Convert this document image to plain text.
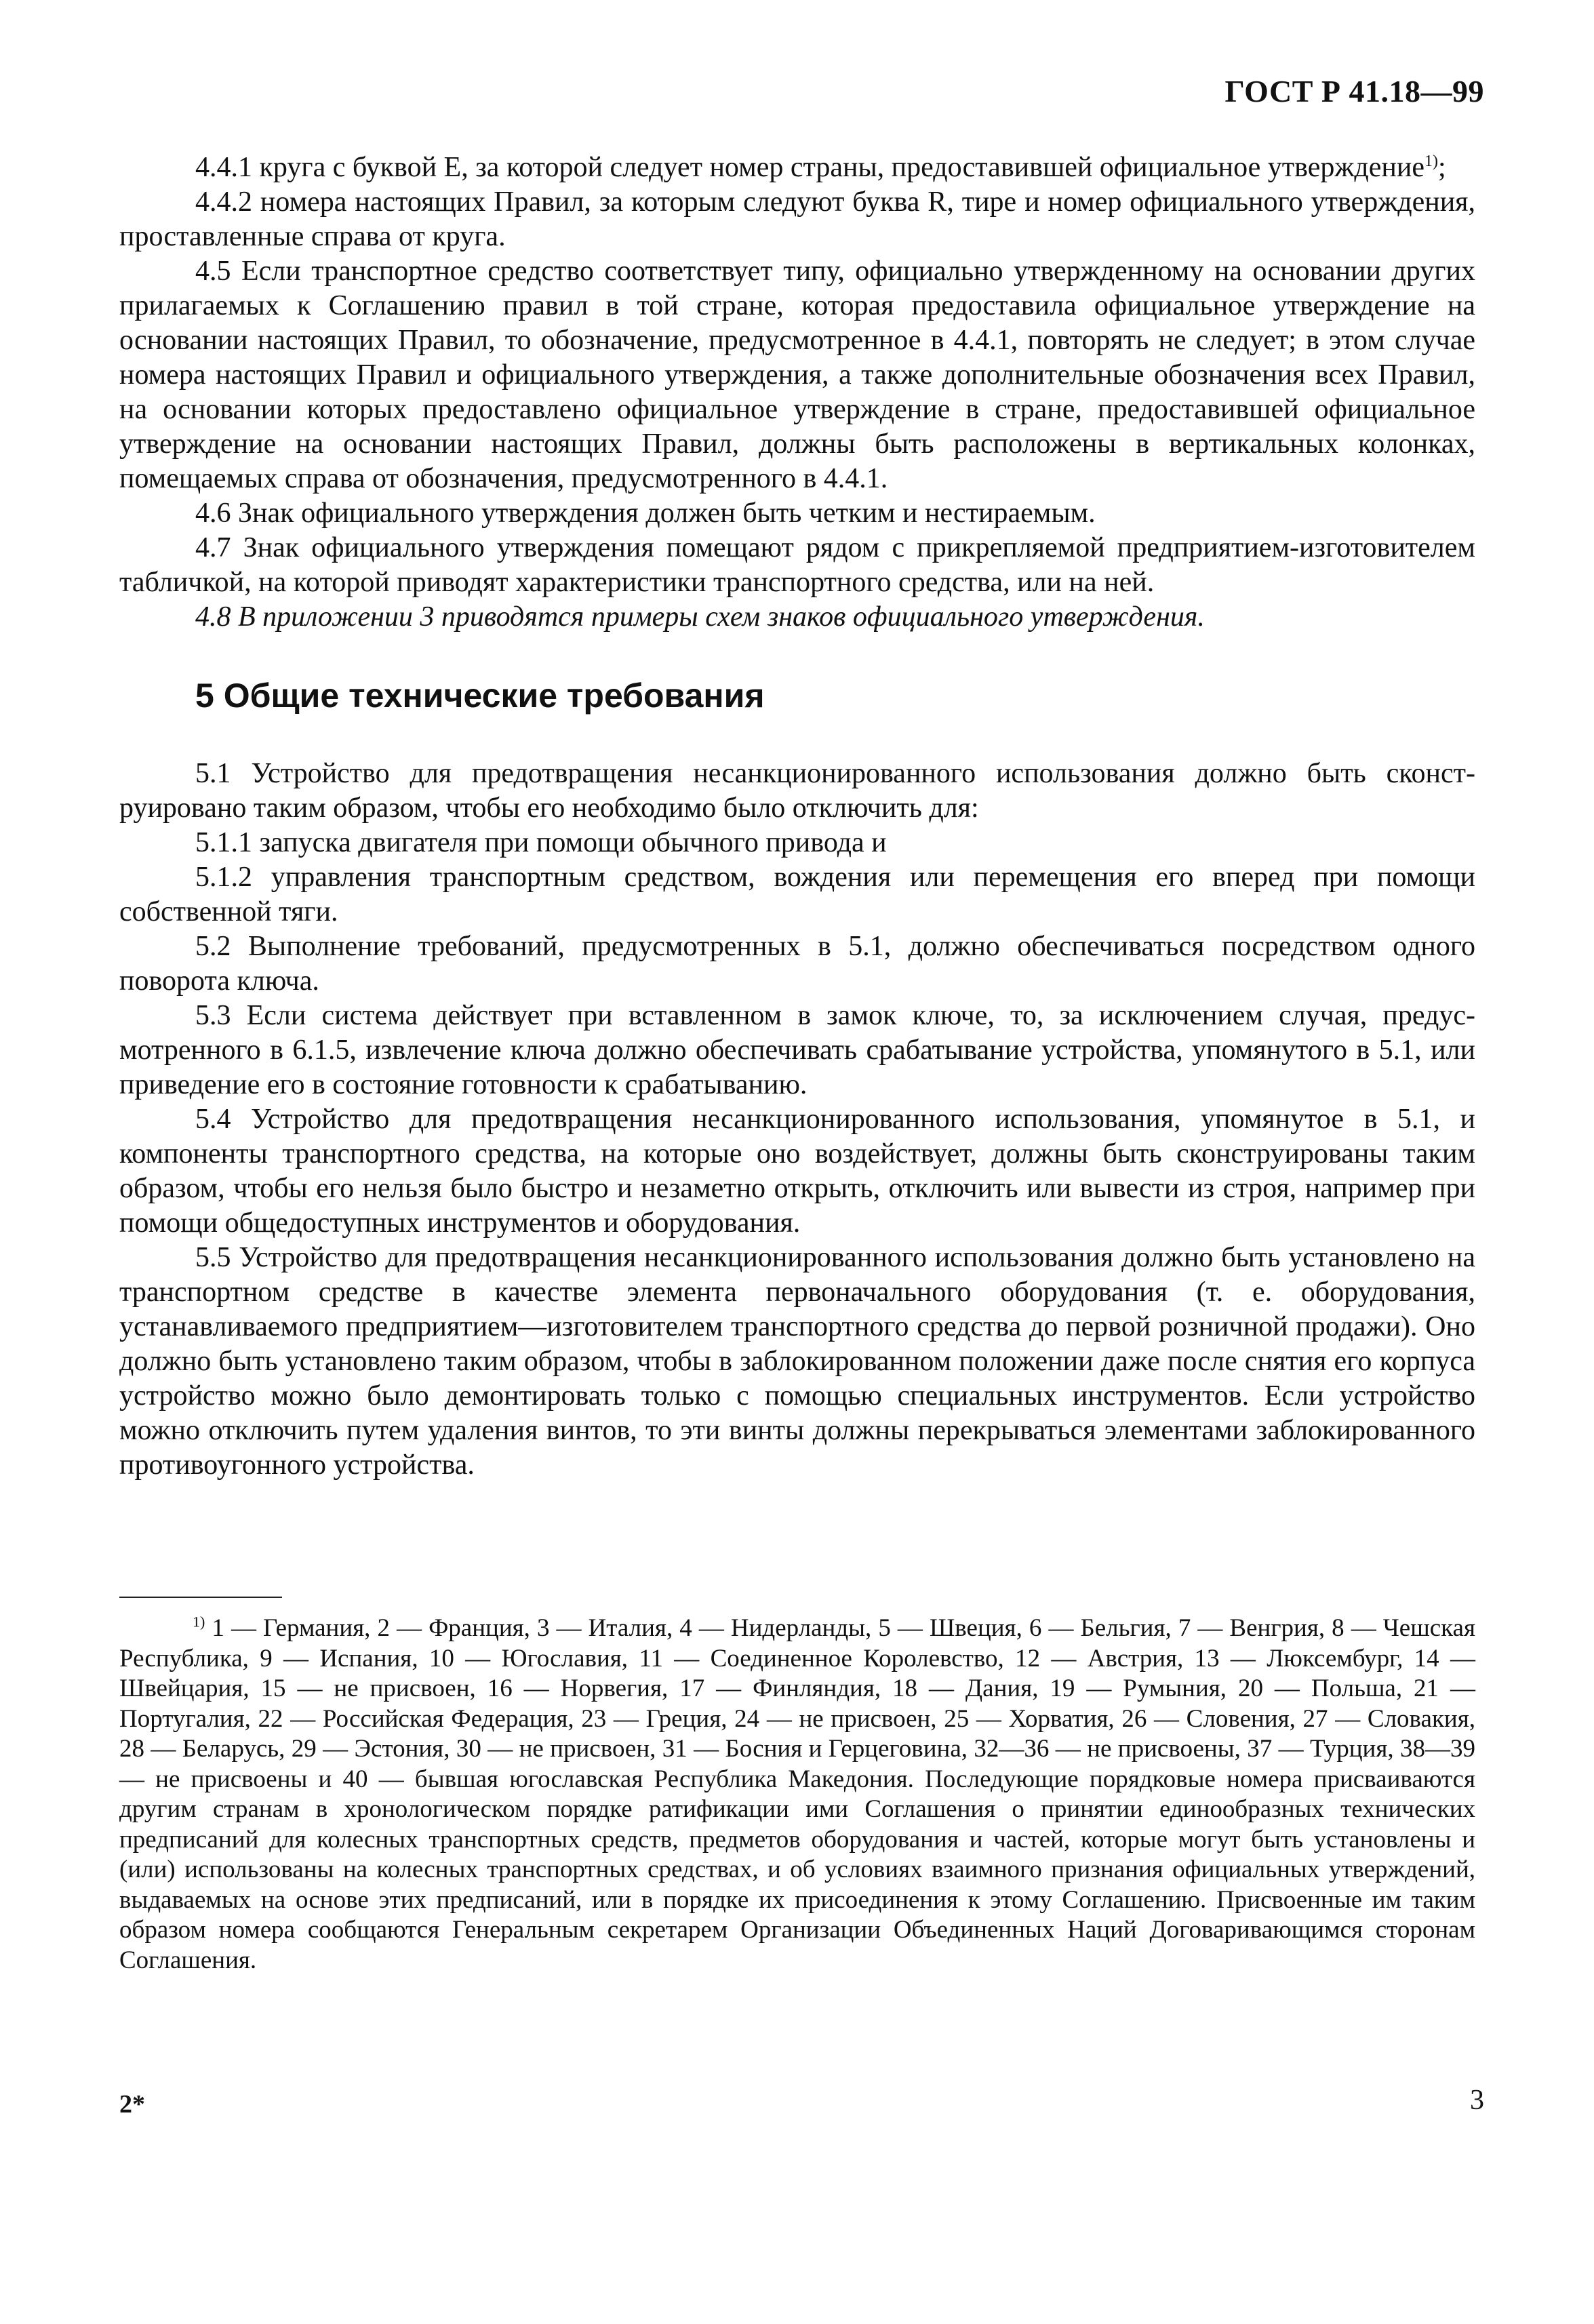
ГОСТ Р 41.18—99

4.4.1 круга с буквой Е, за которой следует номер страны, предоставившей официальное утверждение$^{1)}$;

4.4.2 номера настоящих Правил, за которым следуют буква R, тире и номер официального утверждения, проставленные справа от круга.

4.5 Если транспортное средство соответствует типу, официально утвержденному на основании других прилагаемых к Соглашению правил в той стране, которая предоставила официальное утверждение на основании настоящих Правил, то обозначение, предусмотренное в 4.4.1, повторять не следует; в этом случае номера настоящих Правил и официального утверждения, а также дополнительные обозначения всех Правил, на основании которых предоставлено официальное утверждение в стране, предоставившей официальное утверждение на основании настоящих Правил, должны быть расположены в вертикальных колонках, помещаемых справа от обозначения, предусмотренного в 4.4.1.

4.6 Знак официального утверждения должен быть четким и нестираемым.

4.7 Знак официального утверждения помещают рядом с прикрепляемой предприятием-изготовителем табличкой, на которой приводят характеристики транспортного средства, или на ней.

4.8 В приложении 3 приводятся примеры схем знаков официального утверждения.

5 Общие технические требования

5.1 Устройство для предотвращения несанкционированного использования должно быть сконструировано таким образом, чтобы его необходимо было отключить для:

5.1.1 запуска двигателя при помощи обычного привода и

5.1.2 управления транспортным средством, вождения или перемещения его вперед при помощи собственной тяги.

5.2 Выполнение требований, предусмотренных в 5.1, должно обеспечиваться посредством одного поворота ключа.

5.3 Если система действует при вставленном в замок ключе, то, за исключением случая, предусмотренного в 6.1.5, извлечение ключа должно обеспечивать срабатывание устройства, упомянутого в 5.1, или приведение его в состояние готовности к срабатыванию.

5.4 Устройство для предотвращения несанкционированного использования, упомянутое в 5.1, и компоненты транспортного средства, на которые оно воздействует, должны быть сконструированы таким образом, чтобы его нельзя было быстро и незаметно открыть, отключить или вывести из строя, например при помощи общедоступных инструментов и оборудования.

5.5 Устройство для предотвращения несанкционированного использования должно быть установлено на транспортном средстве в качестве элемента первоначального оборудования (т. е. оборудования, устанавливаемого предприятием—изготовителем транспортного средства до первой розничной продажи). Оно должно быть установлено таким образом, чтобы в заблокированном положении даже после снятия его корпуса устройство можно было демонтировать только с помощью специальных инструментов. Если устройство можно отключить путем удаления винтов, то эти винты должны перекрываться элементами заблокированного противоугонного устройства.

$^{1)}$ 1 — Германия, 2 — Франция, 3 — Италия, 4 — Нидерланды, 5 — Швеция, 6 — Бельгия, 7 — Венгрия, 8 — Чешская Республика, 9 — Испания, 10 — Югославия, 11 — Соединенное Королевство, 12 — Австрия, 13 — Люксембург, 14 — Швейцария, 15 — не присвоен, 16 — Норвегия, 17 — Финляндия, 18 — Дания, 19 — Румыния, 20 — Польша, 21 — Португалия, 22 — Российская Федерация, 23 — Греция, 24 — не присвоен, 25 — Хорватия, 26 — Словения, 27 — Словакия, 28 — Беларусь, 29 — Эстония, 30 — не присвоен, 31 — Босния и Герцеговина, 32—36 — не присвоены, 37 — Турция, 38—39 — не присвоены и 40 — бывшая югославская Республика Македония. Последующие порядковые номера присваиваются другим странам в хронологическом порядке ратификации ими Соглашения о принятии единообразных технических предписаний для колесных транспортных средств, предметов оборудования и частей, которые могут быть установлены и (или) использованы на колесных транспортных средствах, и об условиях взаимного признания официальных утверждений, выдаваемых на основе этих предписаний, или в порядке их присоединения к этому Соглашению. Присвоенные им таким образом номера сообщаются Генеральным секретарем Организации Объединенных Наций Договаривающимся сторонам Соглашения.

2*	3
